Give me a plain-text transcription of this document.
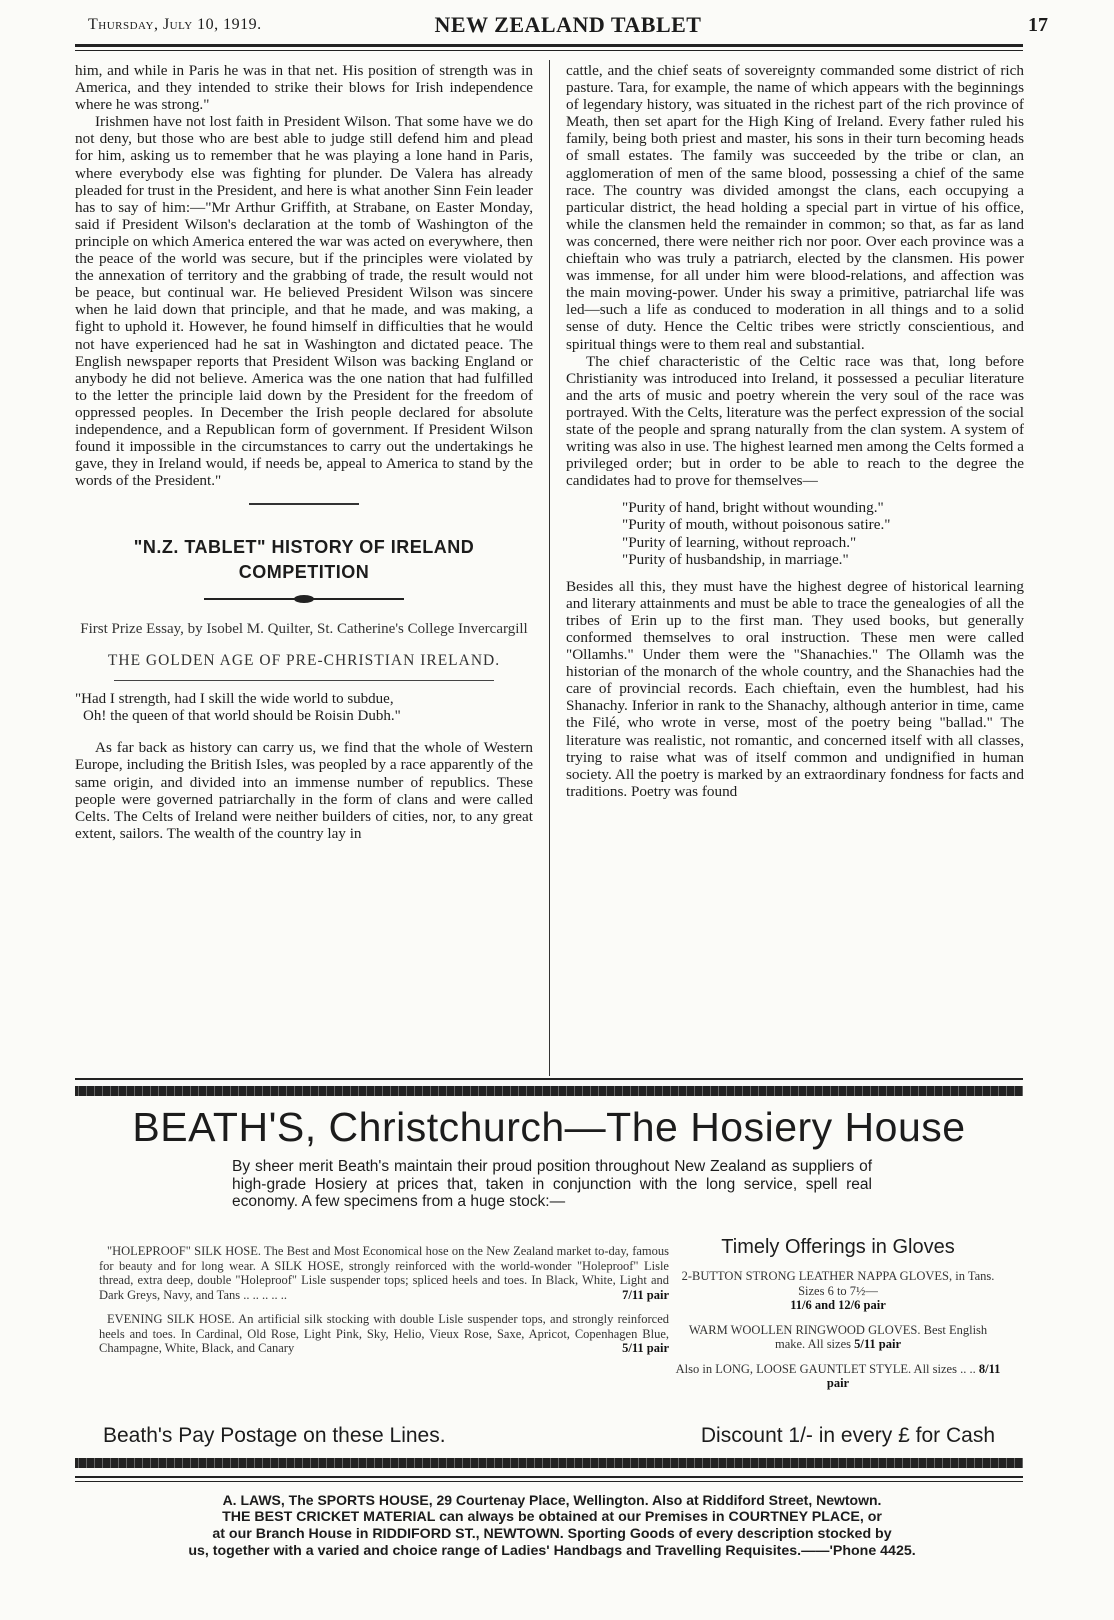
Thursday, July 10, 1919.	NEW ZEALAND TABLET	17

him, and while in Paris he was in that net. His position of strength was in America, and they intended to strike their blows for Irish independence where he was strong."

Irishmen have not lost faith in President Wilson. That some have we do not deny, but those who are best able to judge still defend him and plead for him, asking us to remember that he was playing a lone hand in Paris, where everybody else was fighting for plunder. De Valera has already pleaded for trust in the President, and here is what another Sinn Fein leader has to say of him:—"Mr Arthur Griffith, at Strabane, on Easter Monday, said if President Wilson's declaration at the tomb of Washington of the principle on which America entered the war was acted on everywhere, then the peace of the world was secure, but if the principles were violated by the annexation of territory and the grabbing of trade, the result would not be peace, but continual war. He believed President Wilson was sincere when he laid down that principle, and that he made, and was making, a fight to uphold it. However, he found himself in difficulties that he would not have experienced had he sat in Washington and dictated peace. The English newspaper reports that President Wilson was backing England or anybody he did not believe. America was the one nation that had fulfilled to the letter the principle laid down by the President for the freedom of oppressed peoples. In December the Irish people declared for absolute independence, and a Republican form of government. If President Wilson found it impossible in the circumstances to carry out the undertakings he gave, they in Ireland would, if needs be, appeal to America to stand by the words of the President."

"N.Z. TABLET" HISTORY OF IRELAND
COMPETITION
First Prize Essay, by Isobel M. Quilter, St. Catherine's College Invercargill
THE GOLDEN AGE OF PRE-CHRISTIAN IRELAND.
"Had I strength, had I skill the wide world to subdue,
Oh! the queen of that world should be Roisin Dubh."

As far back as history can carry us, we find that the whole of Western Europe, including the British Isles, was peopled by a race apparently of the same origin, and divided into an immense number of republics. These people were governed patriarchally in the form of clans and were called Celts. The Celts of Ireland were neither builders of cities, nor, to any great extent, sailors. The wealth of the country lay in

cattle, and the chief seats of sovereignty commanded some district of rich pasture. Tara, for example, the name of which appears with the beginnings of legendary history, was situated in the richest part of the rich province of Meath, then set apart for the High King of Ireland. Every father ruled his family, being both priest and master, his sons in their turn becoming heads of small estates. The family was succeeded by the tribe or clan, an agglomeration of men of the same blood, possessing a chief of the same race. The country was divided amongst the clans, each occupying a particular district, the head holding a special part in virtue of his office, while the clansmen held the remainder in common; so that, as far as land was concerned, there were neither rich nor poor. Over each province was a chieftain who was truly a patriarch, elected by the clansmen. His power was immense, for all under him were blood-relations, and affection was the main moving-power. Under his sway a primitive, patriarchal life was led—such a life as conduced to moderation in all things and to a solid sense of duty. Hence the Celtic tribes were strictly conscientious, and spiritual things were to them real and substantial.

The chief characteristic of the Celtic race was that, long before Christianity was introduced into Ireland, it possessed a peculiar literature and the arts of music and poetry wherein the very soul of the race was portrayed. With the Celts, literature was the perfect expression of the social state of the people and sprang naturally from the clan system. A system of writing was also in use. The highest learned men among the Celts formed a privileged order; but in order to be able to reach to the degree the candidates had to prove for themselves—

"Purity of hand, bright without wounding."
"Purity of mouth, without poisonous satire."
"Purity of learning, without reproach."
"Purity of husbandship, in marriage."

Besides all this, they must have the highest degree of historical learning and literary attainments and must be able to trace the genealogies of all the tribes of Erin up to the first man. They used books, but generally conformed themselves to oral instruction. These men were called "Ollamhs." Under them were the "Shanachies." The Ollamh was the historian of the monarch of the whole country, and the Shanachies had the care of provincial records. Each chieftain, even the humblest, had his Shanachy. Inferior in rank to the Shanachy, although anterior in time, came the Filé, who wrote in verse, most of the poetry being "ballad." The literature was realistic, not romantic, and concerned itself with all classes, trying to raise what was of itself common and undignified in human society. All the poetry is marked by an extraordinary fondness for facts and traditions. Poetry was found

BEATH'S, Christchurch—The Hosiery House
By sheer merit Beath's maintain their proud position throughout New Zealand as suppliers of high-grade Hosiery at prices that, taken in conjunction with the long service, spell real economy. A few specimens from a huge stock:—

"HOLEPROOF" SILK HOSE. The Best and Most Economical hose on the New Zealand market to-day, famous for beauty and for long wear. A SILK HOSE, strongly reinforced with the world-wonder "Holeproof" Lisle thread, extra deep, double "Holeproof" Lisle suspender tops; spliced heels and toes. In Black, White, Light and Dark Greys, Navy, and Tans .. .. .. .. ..	7/11 pair

EVENING SILK HOSE. An artificial silk stocking with double Lisle suspender tops, and strongly reinforced heels and toes. In Cardinal, Old Rose, Light Pink, Sky, Helio, Vieux Rose, Saxe, Apricot, Copenhagen Blue, Champagne, White, Black, and Canary	5/11 pair

Timely Offerings in Gloves

2-BUTTON STRONG LEATHER NAPPA GLOVES, in Tans. Sizes 6 to 7½—
11/6 and 12/6 pair

WARM WOOLLEN RINGWOOD GLOVES. Best English make. All sizes 5/11 pair

Also in LONG, LOOSE GAUNTLET STYLE. All sizes .. .. 8/11 pair

Beath's Pay Postage on these Lines.	Discount 1/- in every £ for Cash
A. LAWS, The SPORTS HOUSE, 29 Courtenay Place, Wellington. Also at Riddiford Street, Newtown.
THE BEST CRICKET MATERIAL can always be obtained at our Premises in COURTNEY PLACE, or
at our Branch House in RIDDIFORD ST., NEWTOWN. Sporting Goods of every description stocked by
us, together with a varied and choice range of Ladies' Handbags and Travelling Requisites.——'Phone 4425.
